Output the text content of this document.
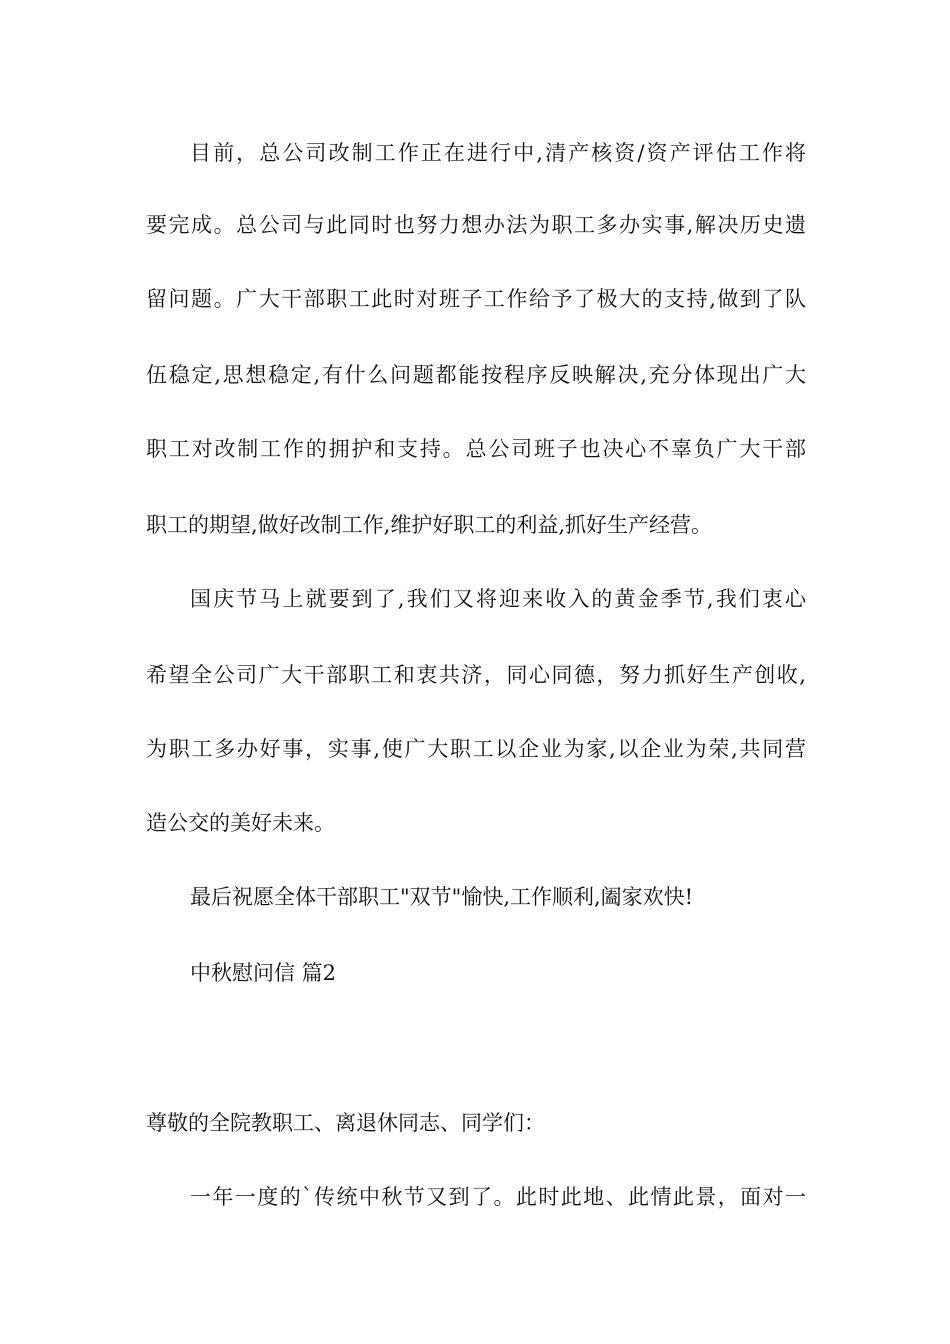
目前，总公司改制工作正在进行中,清产核资/资产评估工作将
要完成。总公司与此同时也努力想办法为职工多办实事,解决历史遗
留问题。广大干部职工此时对班子工作给予了极大的支持,做到了队
伍稳定,思想稳定,有什么问题都能按程序反映解决,充分体现出广大
职工对改制工作的拥护和支持。总公司班子也决心不辜负广大干部
职工的期望,做好改制工作,维护好职工的利益,抓好生产经营。
国庆节马上就要到了,我们又将迎来收入的黄金季节,我们衷心
希望全公司广大干部职工和衷共济，同心同德，努力抓好生产创收,
为职工多办好事，实事,使广大职工以企业为家,以企业为荣,共同营
造公交的美好未来。
最后祝愿全体干部职工"双节"愉快,工作顺利,阖家欢快!
中秋慰问信 篇2
尊敬的全院教职工、离退休同志、同学们：
一年一度的`传统中秋节又到了。此时此地、此情此景，面对一
